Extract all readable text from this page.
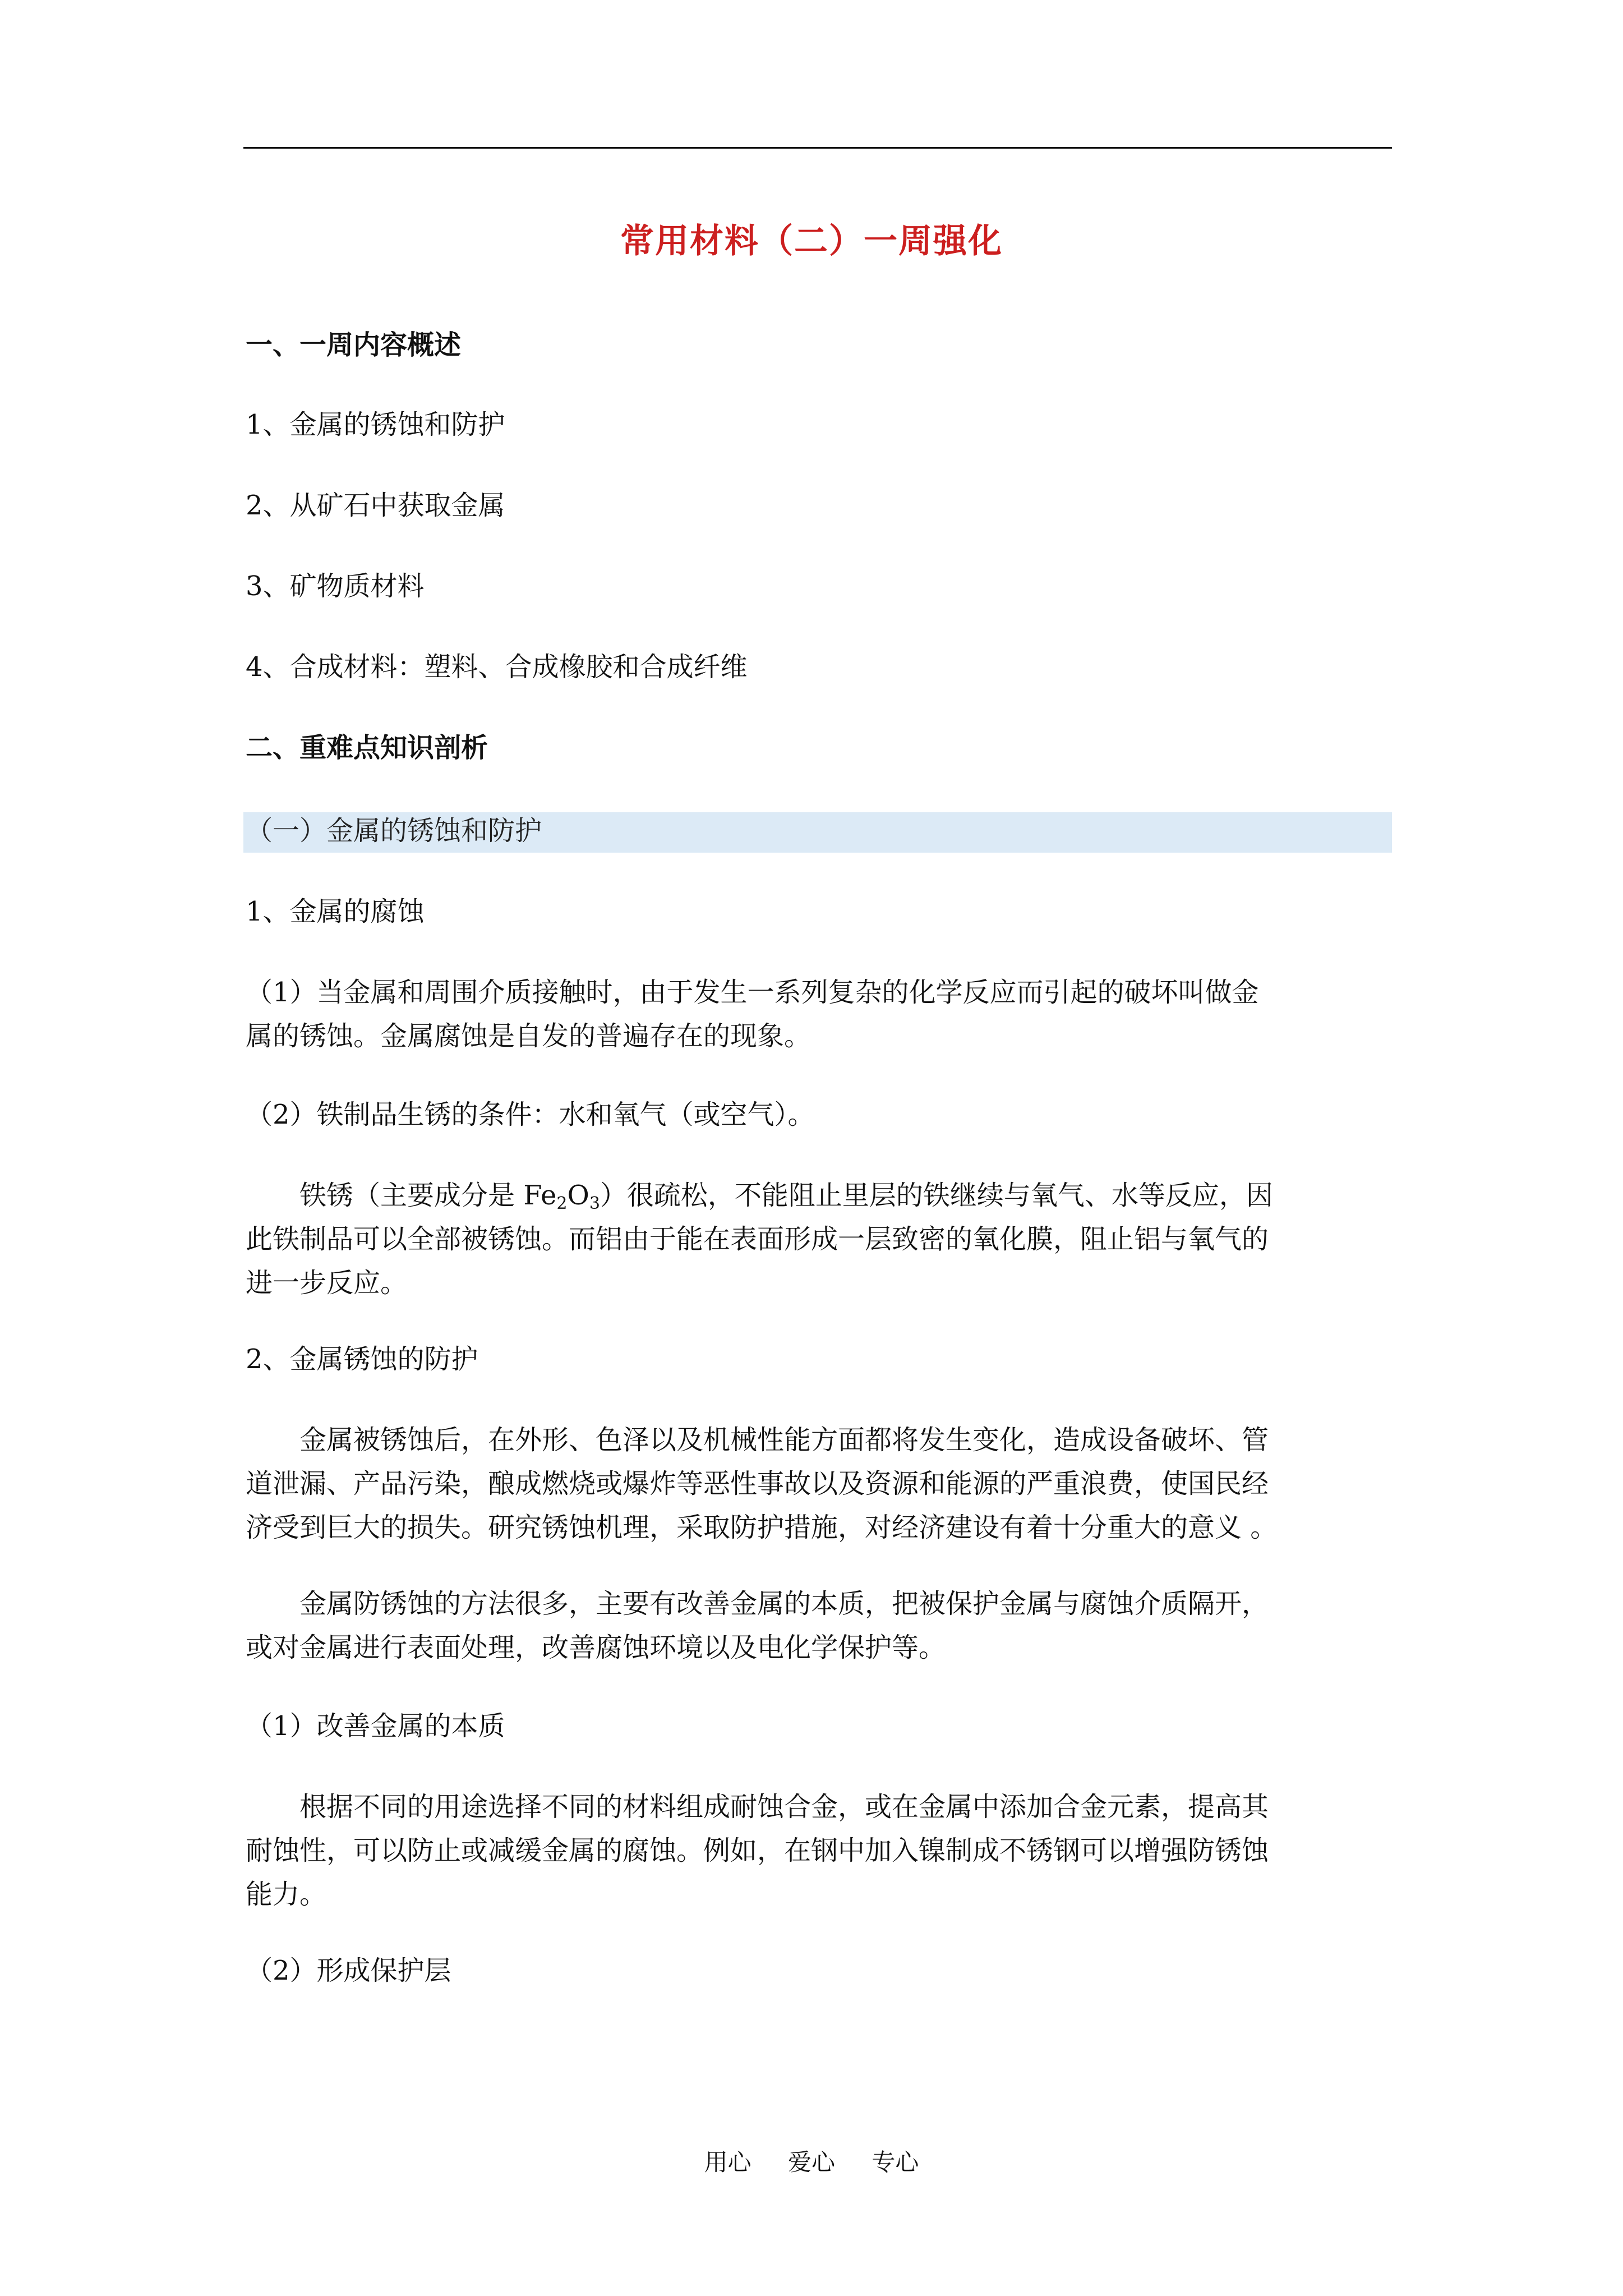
常用材料（二）一周强化
一、一周内容概述
1、金属的锈蚀和防护
2、从矿石中获取金属
3、矿物质材料
4、合成材料：塑料、合成橡胶和合成纤维
二、重难点知识剖析
（一）金属的锈蚀和防护
1、金属的腐蚀
（1）当金属和周围介质接触时，由于发生一系列复杂的化学反应而引起的破坏叫做金
属的锈蚀。金属腐蚀是自发的普遍存在的现象。
（2）铁制品生锈的条件：水和氧气（或空气）。
铁锈（主要成分是 $Fe_2O_3$）很疏松，不能阻止里层的铁继续与氧气、水等反应，因
此铁制品可以全部被锈蚀。而铝由于能在表面形成一层致密的氧化膜，阻止铝与氧气的
进一步反应。
2、金属锈蚀的防护
金属被锈蚀后，在外形、色泽以及机械性能方面都将发生变化，造成设备破坏、管
道泄漏、产品污染，酿成燃烧或爆炸等恶性事故以及资源和能源的严重浪费，使国民经
济受到巨大的损失。研究锈蚀机理，采取防护措施，对经济建设有着十分重大的意义 。
金属防锈蚀的方法很多，主要有改善金属的本质，把被保护金属与腐蚀介质隔开，
或对金属进行表面处理，改善腐蚀环境以及电化学保护等。
（1）改善金属的本质
根据不同的用途选择不同的材料组成耐蚀合金，或在金属中添加合金元素，提高其
耐蚀性，可以防止或减缓金属的腐蚀。例如，在钢中加入镍制成不锈钢可以增强防锈蚀
能力。
（2）形成保护层
用心 爱心 专心
